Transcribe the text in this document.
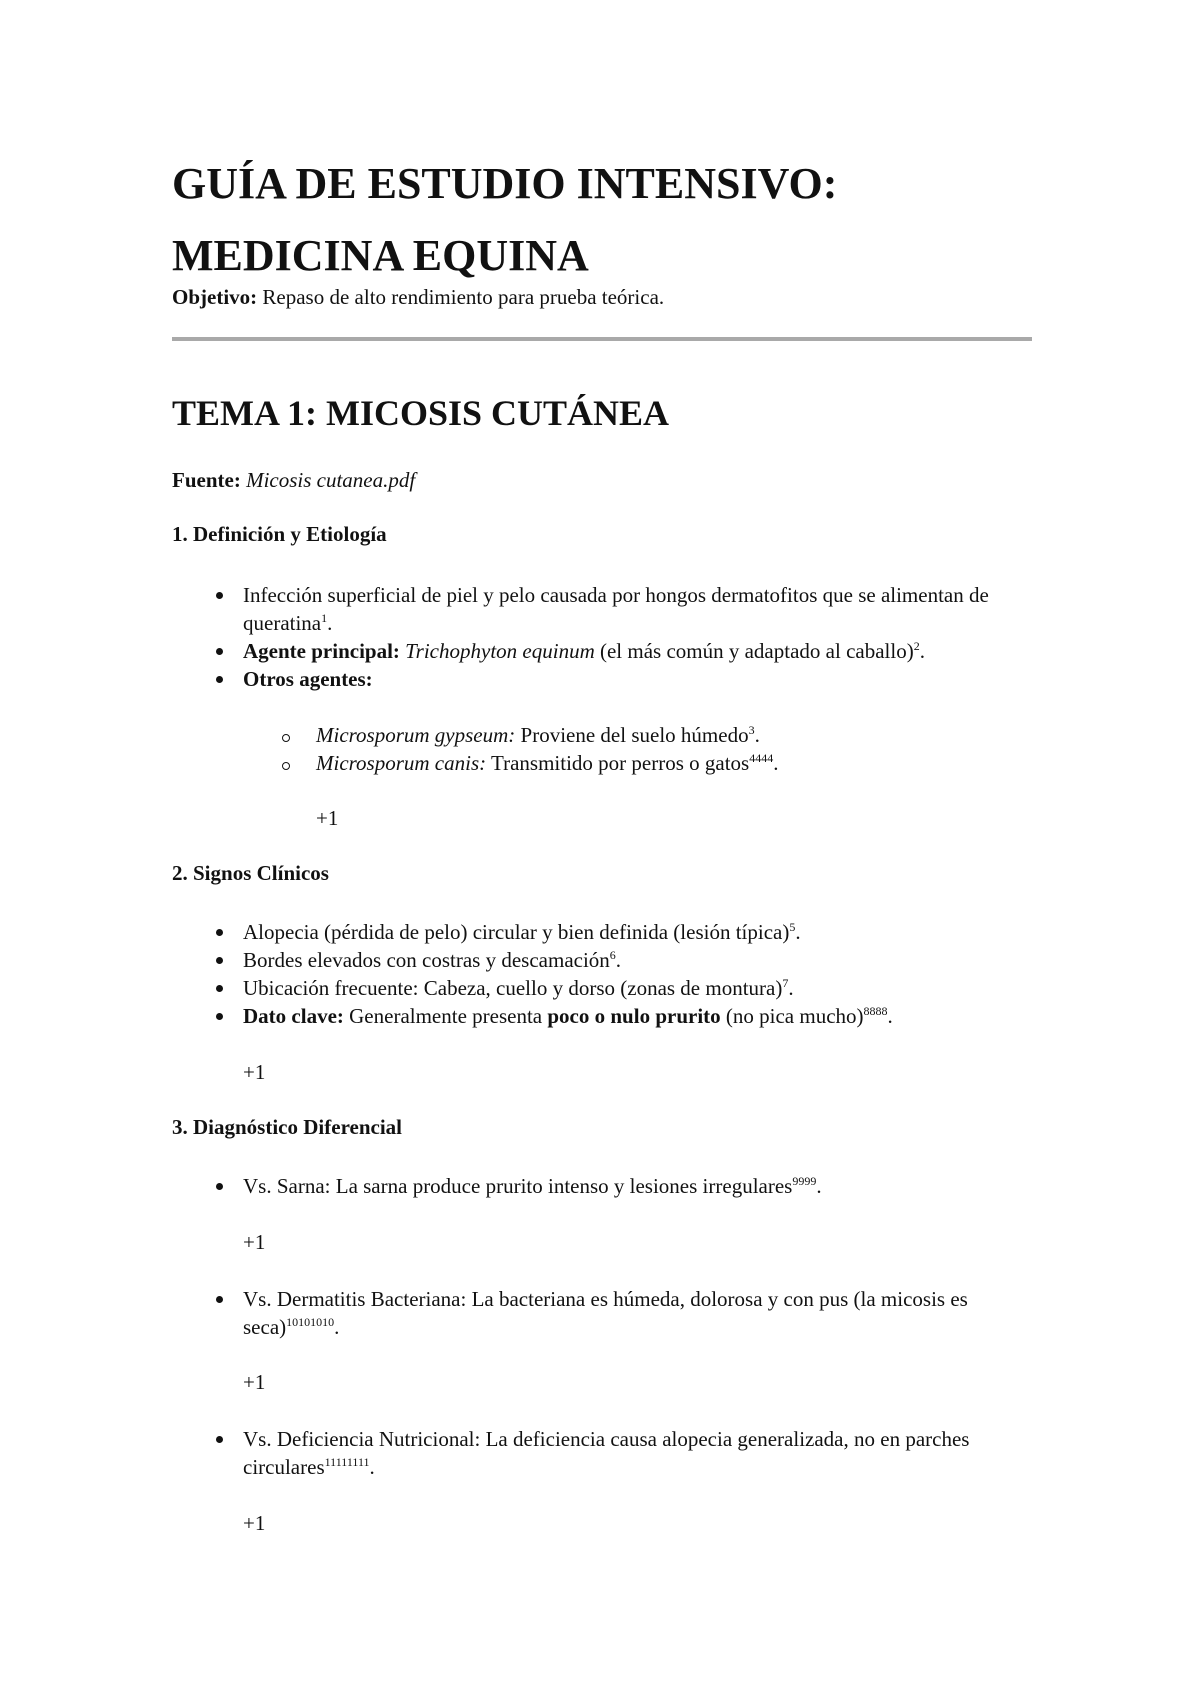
GUÍA DE ESTUDIO INTENSIVO:
MEDICINA EQUINA
Objetivo: Repaso de alto rendimiento para prueba teórica.
TEMA 1: MICOSIS CUTÁNEA
Fuente: Micosis cutanea.pdf
1. Definición y Etiología
Infección superficial de piel y pelo causada por hongos dermatofitos que se alimentan de queratina$^1$.
Agente principal: Trichophyton equinum (el más común y adaptado al caballo)$^2$.
Otros agentes:
Microsporum gypseum: Proviene del suelo húmedo$^3$.
Microsporum canis: Transmitido por perros o gatos$^{4444}$.
+1
2. Signos Clínicos
Alopecia (pérdida de pelo) circular y bien definida (lesión típica)$^5$.
Bordes elevados con costras y descamación$^6$.
Ubicación frecuente: Cabeza, cuello y dorso (zonas de montura)$^7$.
Dato clave: Generalmente presenta poco o nulo prurito (no pica mucho)$^{8888}$.
+1
3. Diagnóstico Diferencial
Vs. Sarna: La sarna produce prurito intenso y lesiones irregulares$^{9999}$.
+1
Vs. Dermatitis Bacteriana: La bacteriana es húmeda, dolorosa y con pus (la micosis es seca)$^{10101010}$.
+1
Vs. Deficiencia Nutricional: La deficiencia causa alopecia generalizada, no en parches circulares$^{11111111}$.
+1
